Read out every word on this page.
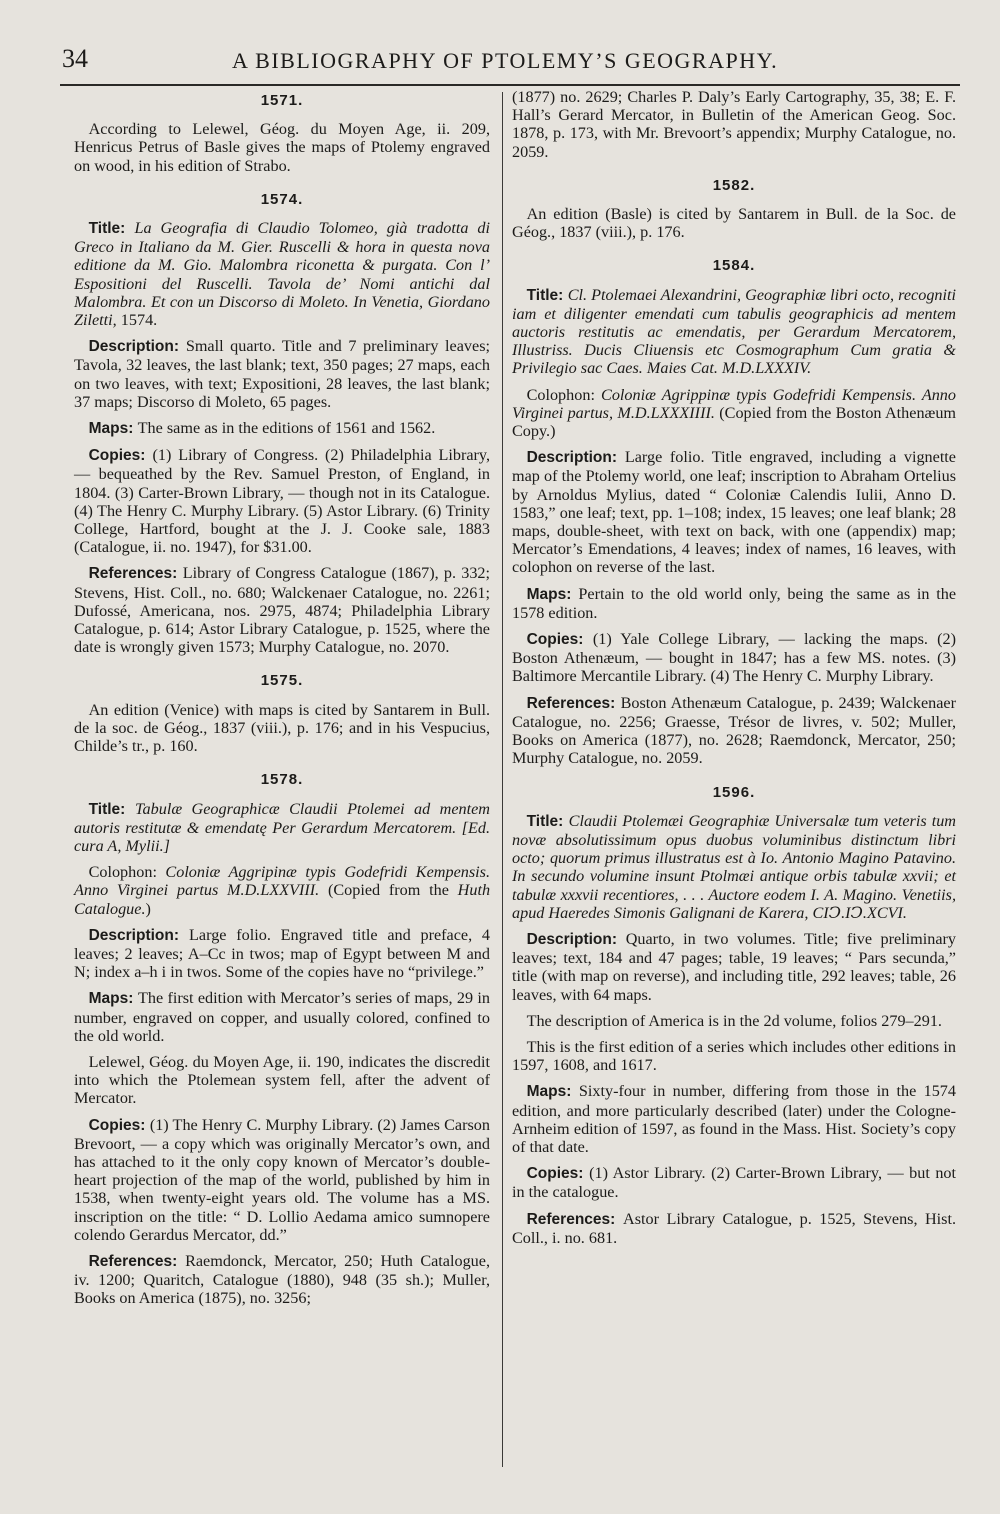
34	A BIBLIOGRAPHY OF PTOLEMY’S GEOGRAPHY.
1571.

According to Lelewel, Géog. du Moyen Age, ii. 209, Henricus Petrus of Basle gives the maps of Ptolemy engraved on wood, in his edition of Strabo.

1574.

Title: La Geografia di Claudio Tolomeo, già tradotta di Greco in Italiano da M. Gier. Ruscelli & hora in questa nova editione da M. Gio. Malombra riconetta & purgata. Con l’ Espositioni del Ruscelli. Tavola de’ Nomi antichi dal Malombra. Et con un Discorso di Moleto. In Venetia, Giordano Ziletti, 1574.

Description: Small quarto. Title and 7 preliminary leaves; Tavola, 32 leaves, the last blank; text, 350 pages; 27 maps, each on two leaves, with text; Expositioni, 28 leaves, the last blank; 37 maps; Discorso di Moleto, 65 pages.

Maps: The same as in the editions of 1561 and 1562.

Copies: (1) Library of Congress. (2) Philadelphia Library, — bequeathed by the Rev. Samuel Preston, of England, in 1804. (3) Carter-Brown Library, — though not in its Catalogue. (4) The Henry C. Murphy Library. (5) Astor Library. (6) Trinity College, Hartford, bought at the J. J. Cooke sale, 1883 (Catalogue, ii. no. 1947), for $31.00.

References: Library of Congress Catalogue (1867), p. 332; Stevens, Hist. Coll., no. 680; Walckenaer Catalogue, no. 2261; Dufossé, Americana, nos. 2975, 4874; Philadelphia Library Catalogue, p. 614; Astor Library Catalogue, p. 1525, where the date is wrongly given 1573; Murphy Catalogue, no. 2070.

1575.

An edition (Venice) with maps is cited by Santarem in Bull. de la soc. de Géog., 1837 (viii.), p. 176; and in his Vespucius, Childe’s tr., p. 160.

1578.

Title: Tabulæ Geographicæ Claudii Ptolemei ad mentem autoris restitutæ & emendatę Per Gerardum Mercatorem. [Ed. cura A, Mylii.]

Colophon: Coloniæ Aggripinæ typis Godefridi Kempensis. Anno Virginei partus M.D.LXXVIII. (Copied from the Huth Catalogue.)

Description: Large folio. Engraved title and preface, 4 leaves; 2 leaves; A–Cc in twos; map of Egypt between M and N; index a–h i in twos. Some of the copies have no “privilege.”

Maps: The first edition with Mercator’s series of maps, 29 in number, engraved on copper, and usually colored, confined to the old world.

Lelewel, Géog. du Moyen Age, ii. 190, indicates the discredit into which the Ptolemean system fell, after the advent of Mercator.

Copies: (1) The Henry C. Murphy Library. (2) James Carson Brevoort, — a copy which was originally Mercator’s own, and has attached to it the only copy known of Mercator’s double-heart projection of the map of the world, published by him in 1538, when twenty-eight years old. The volume has a MS. inscription on the title: “ D. Lollio Aedama amico sumnopere colendo Gerardus Mercator, dd.”

References: Raemdonck, Mercator, 250; Huth Catalogue, iv. 1200; Quaritch, Catalogue (1880), 948 (35 sh.); Muller, Books on America (1875), no. 3256;

(1877) no. 2629; Charles P. Daly’s Early Cartography, 35, 38; E. F. Hall’s Gerard Mercator, in Bulletin of the American Geog. Soc. 1878, p. 173, with Mr. Brevoort’s appendix; Murphy Catalogue, no. 2059.

1582.

An edition (Basle) is cited by Santarem in Bull. de la Soc. de Géog., 1837 (viii.), p. 176.

1584.

Title: Cl. Ptolemaei Alexandrini, Geographiæ libri octo, recogniti iam et diligenter emendati cum tabulis geographicis ad mentem auctoris restitutis ac emendatis, per Gerardum Mercatorem, Illustriss. Ducis Cliuensis etc Cosmographum Cum gratia & Privilegio sac Caes. Maies Cat. M.D.LXXXIV.

Colophon: Coloniæ Agrippinæ typis Godefridi Kempensis. Anno Virginei partus, M.D.LXXXIIII. (Copied from the Boston Athenæum Copy.)

Description: Large folio. Title engraved, including a vignette map of the Ptolemy world, one leaf; inscription to Abraham Ortelius by Arnoldus Mylius, dated “ Coloniæ Calendis Iulii, Anno D. 1583,” one leaf; text, pp. 1–108; index, 15 leaves; one leaf blank; 28 maps, double-sheet, with text on back, with one (appendix) map; Mercator’s Emendations, 4 leaves; index of names, 16 leaves, with colophon on reverse of the last.

Maps: Pertain to the old world only, being the same as in the 1578 edition.

Copies: (1) Yale College Library, — lacking the maps. (2) Boston Athenæum, — bought in 1847; has a few MS. notes. (3) Baltimore Mercantile Library. (4) The Henry C. Murphy Library.

References: Boston Athenæum Catalogue, p. 2439; Walckenaer Catalogue, no. 2256; Graesse, Trésor de livres, v. 502; Muller, Books on America (1877), no. 2628; Raemdonck, Mercator, 250; Murphy Catalogue, no. 2059.

1596.

Title: Claudii Ptolemæi Geographiæ Universalæ tum veteris tum novæ absolutissimum opus duobus voluminibus distinctum libri octo; quorum primus illustratus est à Io. Antonio Magino Patavino. In secundo volumine insunt Ptolmæi antique orbis tabulæ xxvii; et tabulæ xxxvii recentiores, . . . Auctore eodem I. A. Magino. Venetiis, apud Haeredes Simonis Galignani de Karera, CIↃ.IↃ.XCVI.

Description: Quarto, in two volumes. Title; five preliminary leaves; text, 184 and 47 pages; table, 19 leaves; “ Pars secunda,” title (with map on reverse), and including title, 292 leaves; table, 26 leaves, with 64 maps.

The description of America is in the 2d volume, folios 279–291.

This is the first edition of a series which includes other editions in 1597, 1608, and 1617.

Maps: Sixty-four in number, differing from those in the 1574 edition, and more particularly described (later) under the Cologne-Arnheim edition of 1597, as found in the Mass. Hist. Society’s copy of that date.

Copies: (1) Astor Library. (2) Carter-Brown Library, — but not in the catalogue.

References: Astor Library Catalogue, p. 1525, Stevens, Hist. Coll., i. no. 681.
